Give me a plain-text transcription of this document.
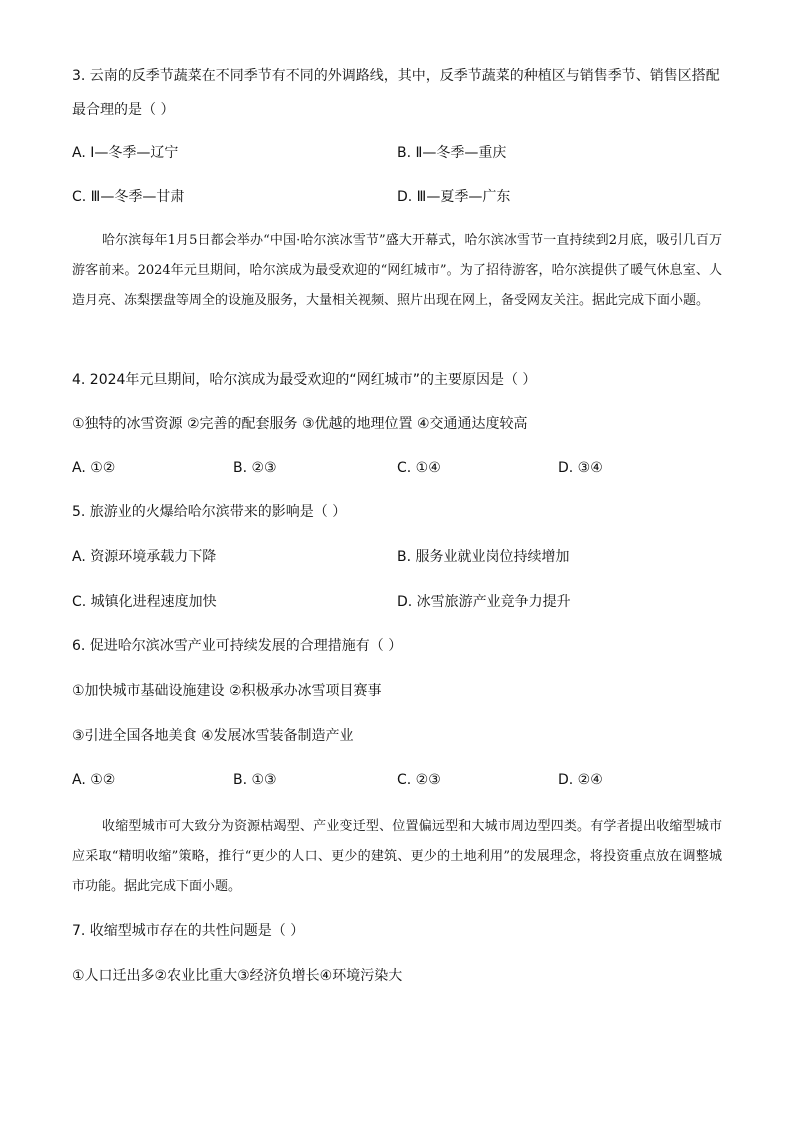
3. 云南的反季节蔬菜在不同季节有不同的外调路线，其中，反季节蔬菜的种植区与销售季节、销售区搭配
最合理的是（ ）
A. Ⅰ—冬季—辽宁	B. Ⅱ—冬季—重庆
C. Ⅲ—冬季—甘肃	D. Ⅲ—夏季—广东
哈尔滨每年1月5日都会举办“中国·哈尔滨冰雪节”盛大开幕式，哈尔滨冰雪节一直持续到2月底，吸引几百万游客前来。2024年元旦期间，哈尔滨成为最受欢迎的“网红城市”。为了招待游客，哈尔滨提供了暖气休息室、人造月亮、冻梨摆盘等周全的设施及服务，大量相关视频、照片出现在网上，备受网友关注。据此完成下面小题。
4. 2024年元旦期间，哈尔滨成为最受欢迎的“网红城市”的主要原因是（ ）
①独特的冰雪资源 ②完善的配套服务 ③优越的地理位置 ④交通通达度较高
A. ①②	B. ②③	C. ①④	D. ③④
5. 旅游业的火爆给哈尔滨带来的影响是（ ）
A. 资源环境承载力下降	B. 服务业就业岗位持续增加
C. 城镇化进程速度加快	D. 冰雪旅游产业竞争力提升
6. 促进哈尔滨冰雪产业可持续发展的合理措施有（ ）
①加快城市基础设施建设 ②积极承办冰雪项目赛事
③引进全国各地美食 ④发展冰雪装备制造产业
A. ①②	B. ①③	C. ②③	D. ②④
收缩型城市可大致分为资源枯竭型、产业变迁型、位置偏远型和大城市周边型四类。有学者提出收缩型城市应采取“精明收缩”策略，推行“更少的人口、更少的建筑、更少的土地利用”的发展理念，将投资重点放在调整城市功能。据此完成下面小题。
7. 收缩型城市存在的共性问题是（ ）
①人口迁出多②农业比重大③经济负增长④环境污染大
